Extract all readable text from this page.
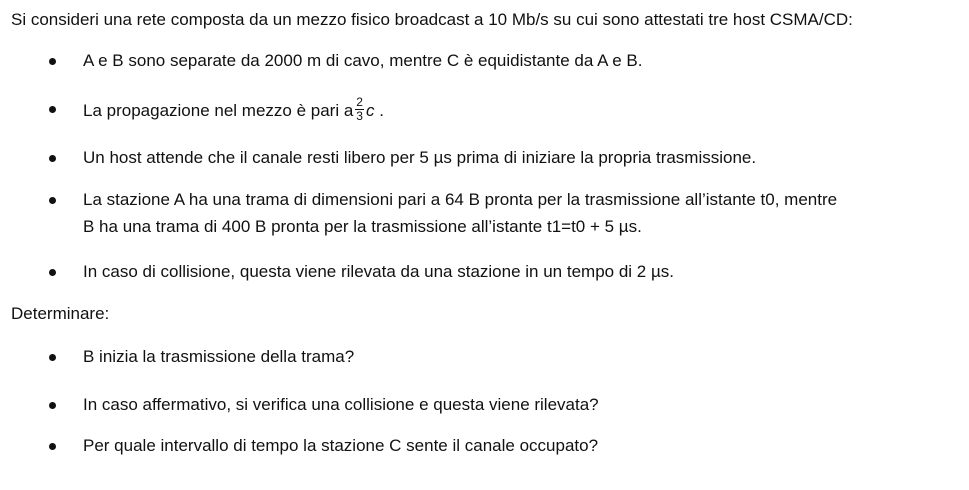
Si consideri una rete composta da un mezzo fisico broadcast a 10 Mb/s su cui sono attestati tre host CSMA/CD:
A e B sono separate da 2000 m di cavo, mentre C è equidistante da A e B.
La propagazione nel mezzo è pari a $\frac{2}{3}$ c .
Un host attende che il canale resti libero per 5 µs prima di iniziare la propria trasmissione.
La stazione A ha una trama di dimensioni pari a 64 B pronta per la trasmissione all’istante t0, mentre
B ha una trama di 400 B pronta per la trasmissione all’istante t1=t0 + 5 µs.
In caso di collisione, questa viene rilevata da una stazione in un tempo di 2 µs.
Determinare:
B inizia la trasmissione della trama?
In caso affermativo, si verifica una collisione e questa viene rilevata?
Per quale intervallo di tempo la stazione C sente il canale occupato?
